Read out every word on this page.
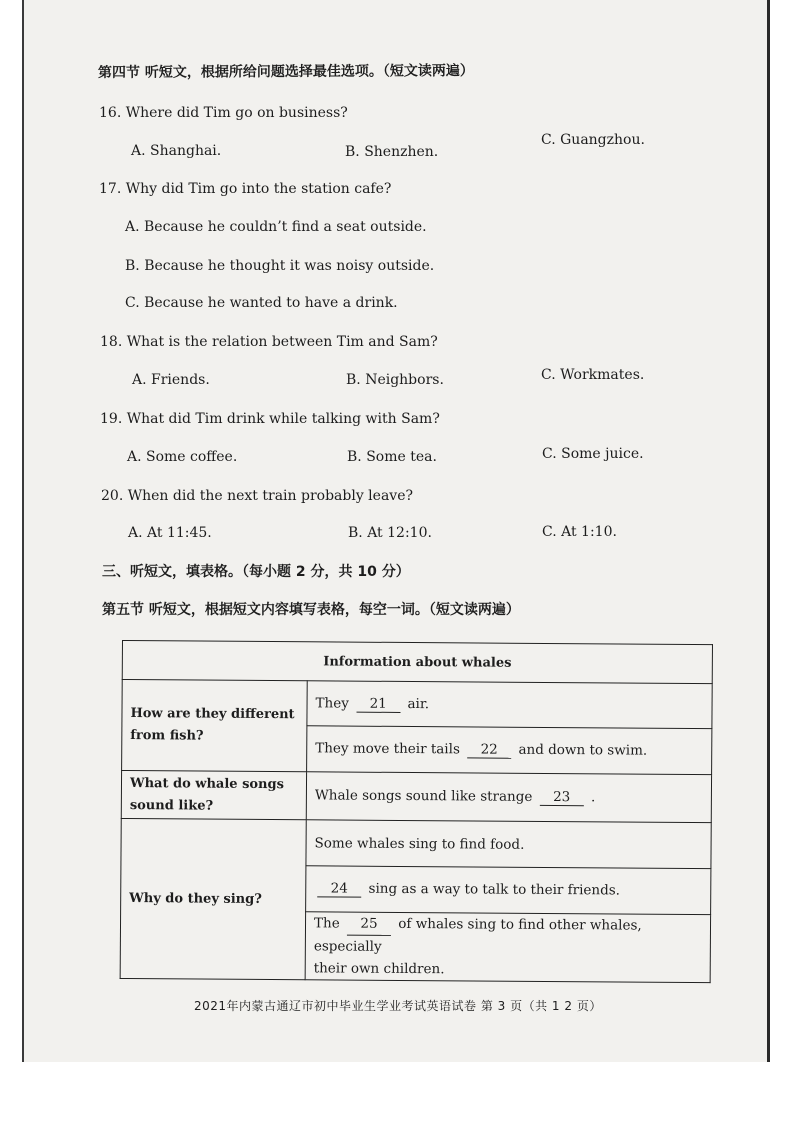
第四节 听短文，根据所给问题选择最佳选项。（短文读两遍）
16. Where did Tim go on business?
A. Shanghai.	B. Shenzhen.
C. Guangzhou.
17. Why did Tim go into the station cafe?
A. Because he couldn’t find a seat outside.
B. Because he thought it was noisy outside.
C. Because he wanted to have a drink.
18. What is the relation between Tim and Sam?
A. Friends.	B. Neighbors.	C. Workmates.
19. What did Tim drink while talking with Sam?
A. Some coffee.	B. Some tea.	C. Some juice.
20. When did the next train probably leave?
A. At 11:45.	B. At 12:10.	C. At 1:10.
三、听短文，填表格。（每小题 2 分，共 10 分）
第五节 听短文，根据短文内容填写表格，每空一词。（短文读两遍）
Information about whales	

How are they different
from fish?	They 21 air.
	They move their tails 22 and down to swim.

What do whale songs
sound like?	Whale songs sound like strange 23 .
Why do they sing?	Some whales sing to find food.
	24 sing as a way to talk to their friends.

	The 25 of whales sing to find other whales, especially
their own children.
2021年内蒙古通辽市初中毕业生学业考试英语试卷 第 3 页（共 1 2 页）
